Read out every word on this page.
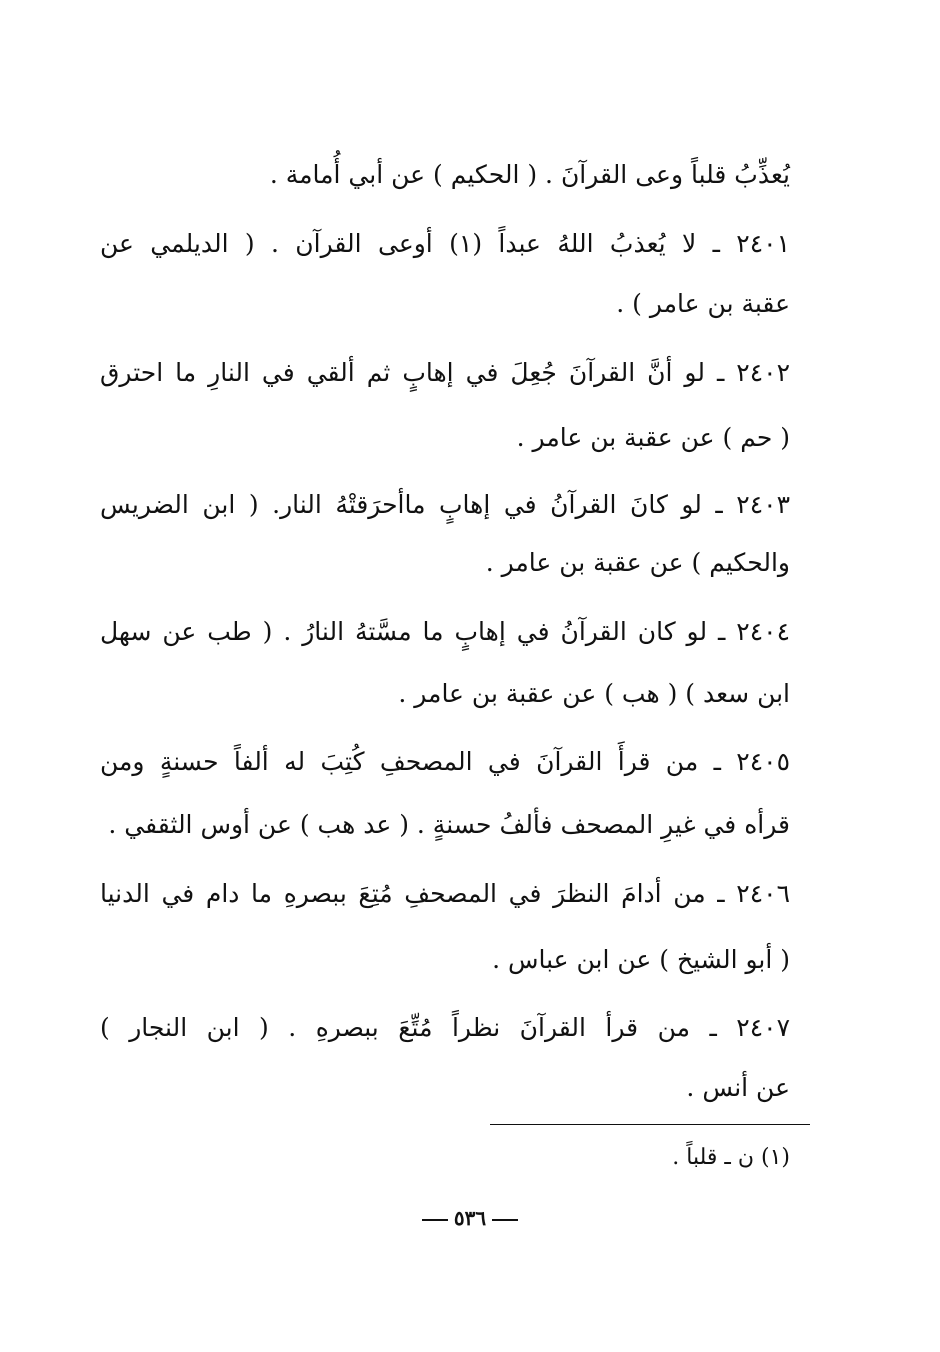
يُعذِّبُ قلباً وعى القرآنَ . ( الحكيم ) عن أبي أُمامة .
٢٤٠١ ـ لا يُعذبُ اللهُ عبداً (١) أوعى القرآن . ( الديلمي عن
عقبة بن عامر ) .
٢٤٠٢ ـ لو أنَّ القرآنَ جُعِلَ في إهابٍ ثم ألقي في النارِ ما احترق
( حم ) عن عقبة بن عامر .
٢٤٠٣ ـ لو كانَ القرآنُ في إهابٍ ماأحرَقتْهُ النار. ( ابن الضريس
والحكيم ) عن عقبة بن عامر .
٢٤٠٤ ـ لو كان القرآنُ في إهابٍ ما مسَّتهُ النارُ . ( طب عن سهل
ابن سعد ) ( هب ) عن عقبة بن عامر .
٢٤٠٥ ـ من قرأَ القرآنَ في المصحفِ كُتِبَ له ألفاً حسنةٍ ومن
قرأه في غيرِ المصحف فألفُ حسنةٍ . ( عد هب ) عن أوس الثقفي .
٢٤٠٦ ـ من أدامَ النظرَ في المصحفِ مُتِعَ ببصرهِ ما دام في الدنيا
( أبو الشيخ ) عن ابن عباس .
٢٤٠٧ ـ من قرأ القرآنَ نظراً مُتِّعَ ببصرهِ . ( ابن النجار )
عن أنس .
(١) ن ـ قلباً .
٥٣٦
